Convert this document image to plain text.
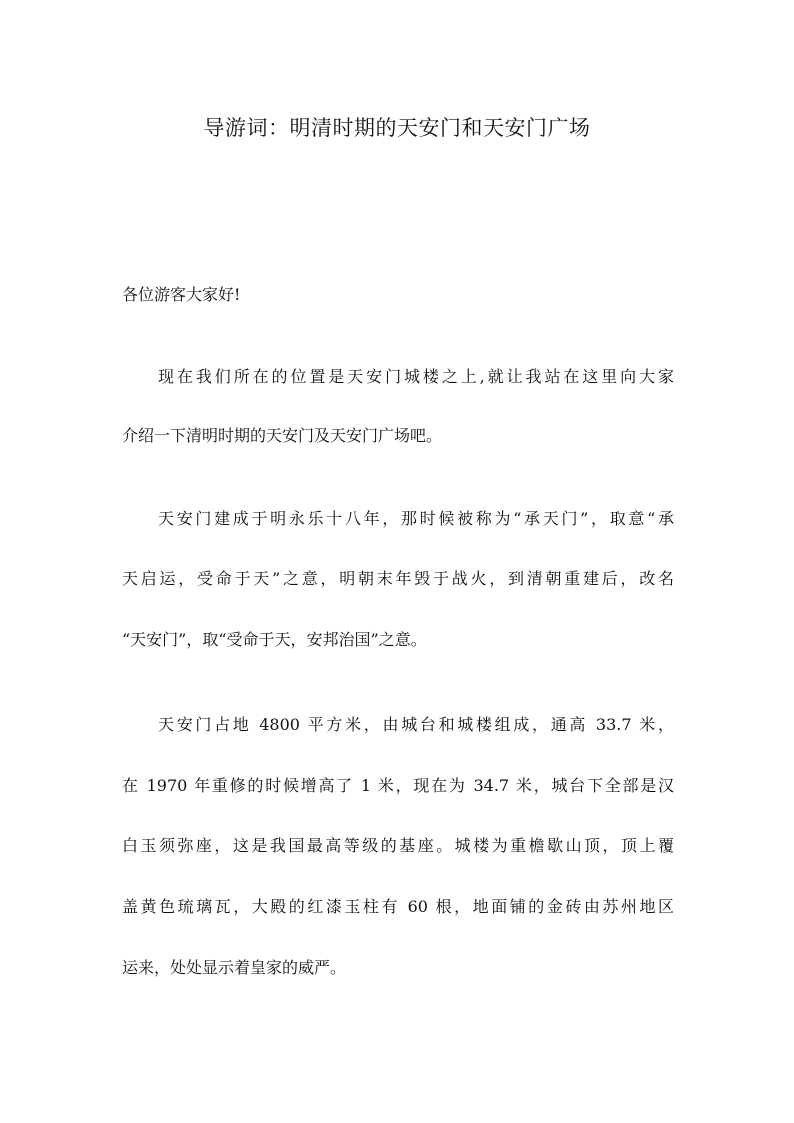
导游词：明清时期的天安门和天安门广场
各位游客大家好!
现在我们所在的位置是天安门城楼之上,就让我站在这里向大家
介绍一下清明时期的天安门及天安门广场吧。
天安门建成于明永乐十八年，那时候被称为“承天门”，取意“承
天启运，受命于天”之意，明朝末年毁于战火，到清朝重建后，改名
“天安门”，取“受命于天，安邦治国”之意。
天安门占地 4800 平方米，由城台和城楼组成，通高 33.7 米，
在 1970 年重修的时候增高了 1 米，现在为 34.7 米，城台下全部是汉
白玉须弥座，这是我国最高等级的基座。城楼为重檐歇山顶，顶上覆
盖黄色琉璃瓦，大殿的红漆玉柱有 60 根，地面铺的金砖由苏州地区
运来，处处显示着皇家的威严。
